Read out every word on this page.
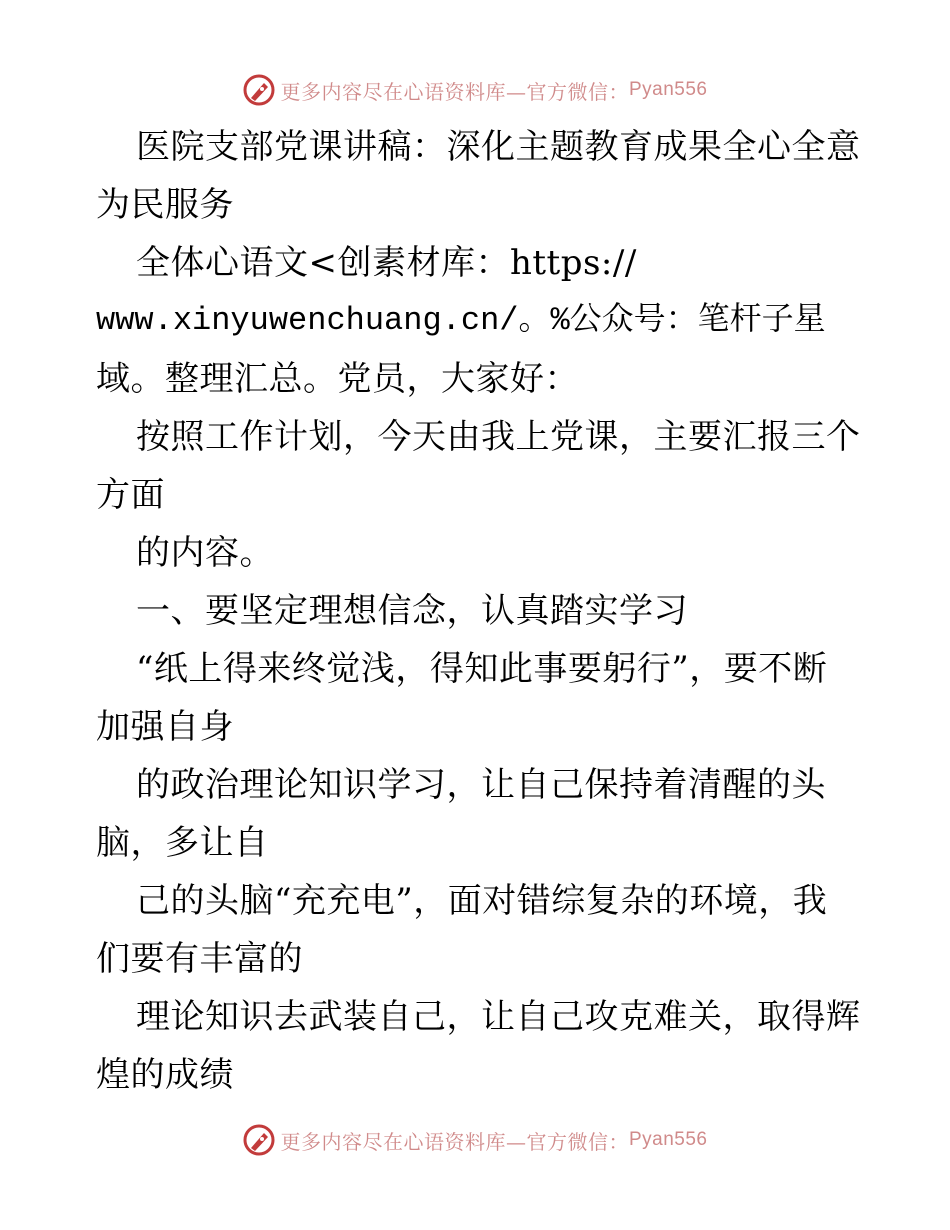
更多内容尽在心语资料库—官方微信： Pyan556

医院支部党课讲稿：深化主题教育成果全心全意

为民服务

全体心语文<创素材库：https://

www.xinyuwenchuang.cn/。%公众号：笔杆子星

域。整理汇总。党员，大家好：

按照工作计划，今天由我上党课，主要汇报三个

方面

的内容。

一、要坚定理想信念，认真踏实学习

“纸上得来终觉浅，得知此事要躬行”，要不断

加强自身

的政治理论知识学习，让自己保持着清醒的头

脑，多让自

己的头脑“充充电”，面对错综复杂的环境，我

们要有丰富的

理论知识去武装自己，让自己攻克难关，取得辉

煌的成绩

更多内容尽在心语资料库—官方微信： Pyan556
